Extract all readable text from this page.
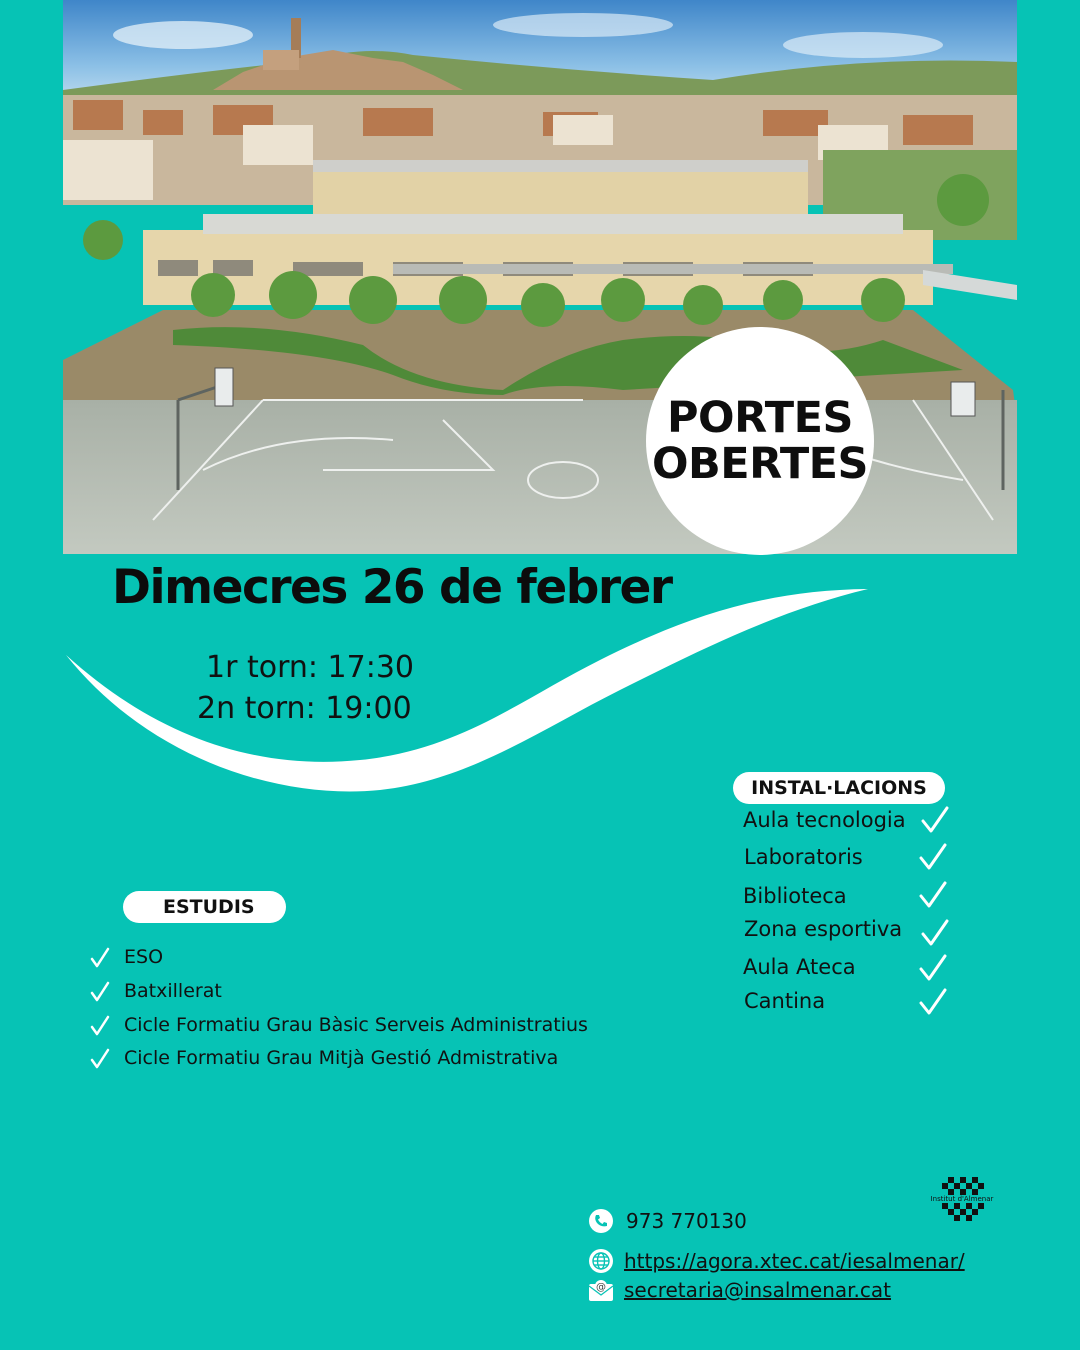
PORTES
OBERTES
Dimecres 26 de febrer
1r torn: 17:30
2n torn: 19:00
INSTAL·LACIONS
Aula tecnologia
Laboratoris
Biblioteca
Zona esportiva
Aula Ateca
Cantina
ESTUDIS
ESO
Batxillerat
Cicle Formatiu Grau Bàsic Serveis Administratius
Cicle Formatiu Grau Mitjà Gestió Admistrativa
Institut d'Almenar
973 770130
https://agora.xtec.cat/iesalmenar/
@ secretaria@insalmenar.cat
